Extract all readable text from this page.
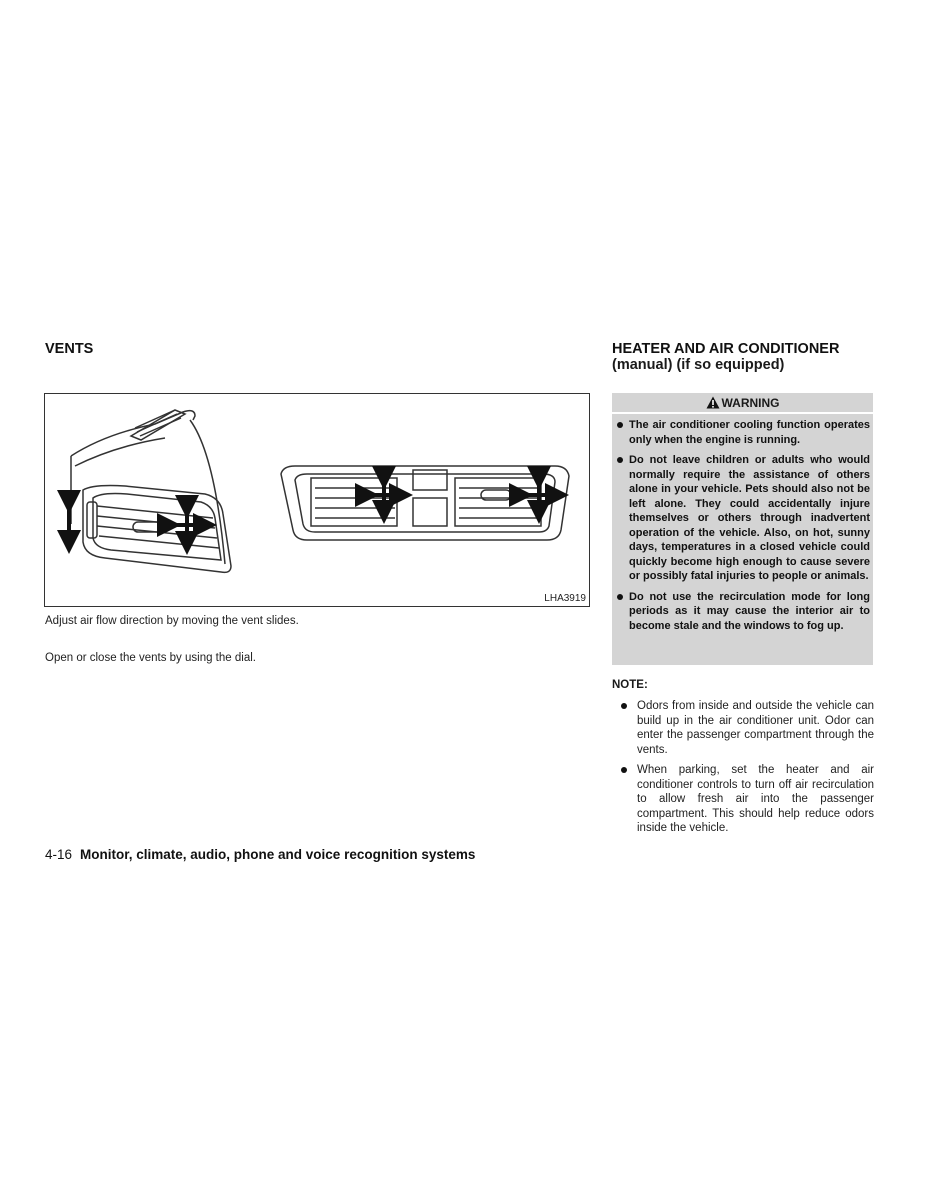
VENTS
LHA3919

Adjust air flow direction by moving the vent slides.

Open or close the vents by using the dial.

HEATER AND AIR CONDITIONER
(manual) (if so equipped)
WARNING
The air conditioner cooling function operates only when the engine is running.
Do not leave children or adults who would normally require the assistance of others alone in your vehicle. Pets should also not be left alone. They could accidentally injure themselves or others through inadvertent operation of the vehicle. Also, on hot, sunny days, temperatures in a closed vehicle could quickly become high enough to cause severe or possibly fatal injuries to people or animals.
Do not use the recirculation mode for long periods as it may cause the interior air to become stale and the windows to fog up.
NOTE:
Odors from inside and outside the vehicle can build up in the air conditioner unit. Odor can enter the passenger compartment through the vents.
When parking, set the heater and air conditioner controls to turn off air recirculation to allow fresh air into the passenger compartment. This should help reduce odors inside the vehicle.
4-16 Monitor, climate, audio, phone and voice recognition systems
